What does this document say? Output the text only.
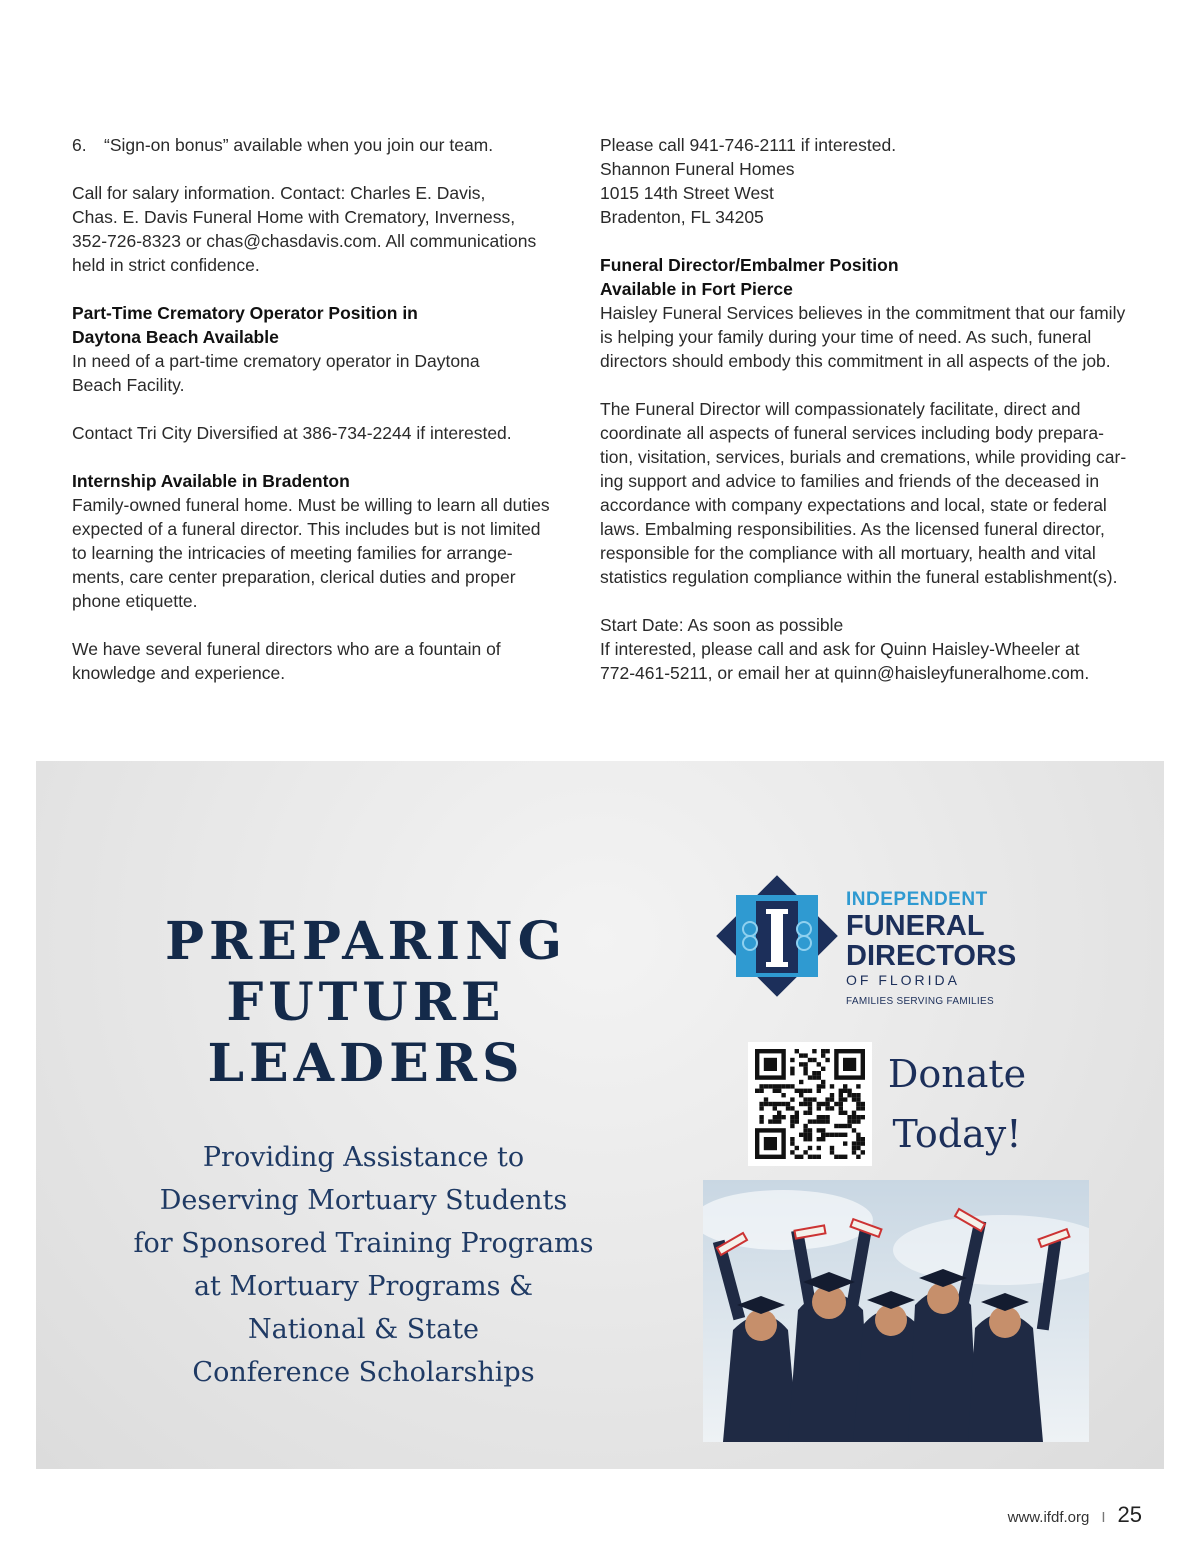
6. “Sign-on bonus” available when you join our team.

Call for salary information. Contact: Charles E. Davis,

Chas. E. Davis Funeral Home with Crematory, Inverness,

352-726-8323 or chas@chasdavis.com. All communications

held in strict confidence.

Part-Time Crematory Operator Position in

Daytona Beach Available

In need of a part-time crematory operator in Daytona

Beach Facility.

Contact Tri City Diversified at 386-734-2244 if interested.

Internship Available in Bradenton

Family-owned funeral home. Must be willing to learn all duties

expected of a funeral director. This includes but is not limited

to learning the intricacies of meeting families for arrange-

ments, care center preparation, clerical duties and proper

phone etiquette.

We have several funeral directors who are a fountain of

knowledge and experience.

Please call 941-746-2111 if interested.

Shannon Funeral Homes

1015 14th Street West

Bradenton, FL 34205

Funeral Director/Embalmer Position

Available in Fort Pierce

Haisley Funeral Services believes in the commitment that our family

is helping your family during your time of need. As such, funeral

directors should embody this commitment in all aspects of the job.

The Funeral Director will compassionately facilitate, direct and

coordinate all aspects of funeral services including body prepara-

tion, visitation, services, burials and cremations, while providing car-

ing support and advice to families and friends of the deceased in

accordance with company expectations and local, state or federal

laws. Embalming responsibilities. As the licensed funeral director,

responsible for the compliance with all mortuary, health and vital

statistics regulation compliance within the funeral establishment(s).

Start Date: As soon as possible

If interested, please call and ask for Quinn Haisley-Wheeler at

772-461-5211, or email her at quinn@haisleyfuneralhome.com.

PREPARING
FUTURE
LEADERS
Providing Assistance to
Deserving Mortuary Students
for Sponsored Training Programs
at Mortuary Programs &
National & State
Conference Scholarships
INDEPENDENT
FUNERAL
DIRECTORS
OF FLORIDA
FAMILIES SERVING FAMILIES
Donate
Today!
www.ifdf.org I 25
